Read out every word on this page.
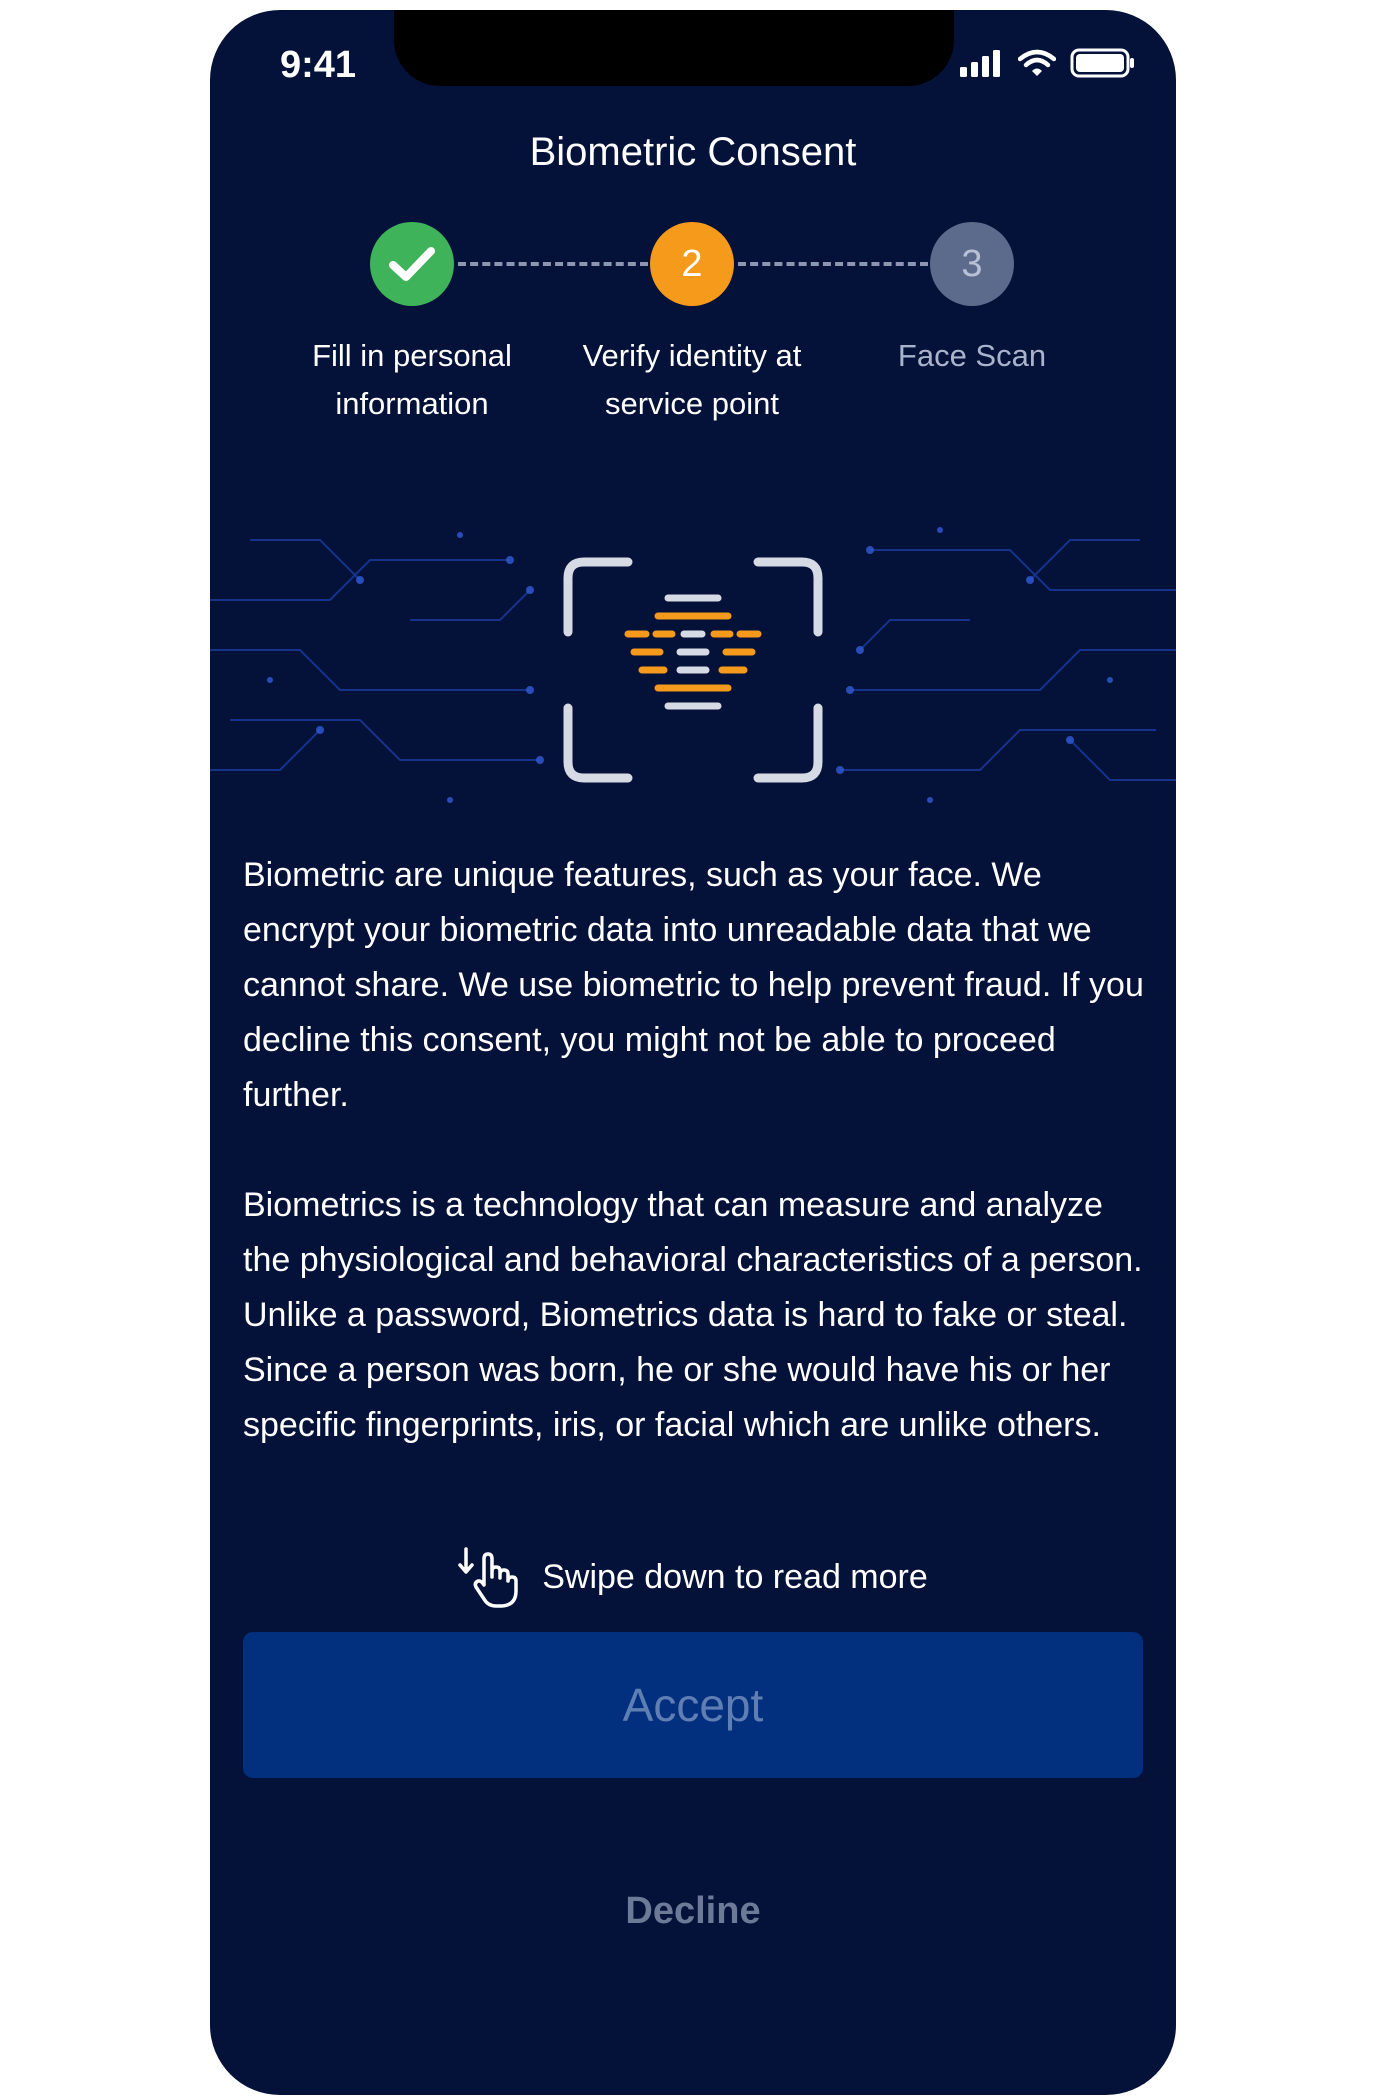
9:41
Biometric Consent
2	3
Fill in personal information
Verify identity at service point
Face Scan

Biometric are unique features, such as your face. We encrypt your biometric data into unreadable data that we cannot share. We use biometric to help prevent fraud. If you decline this consent, you might not be able to proceed further.

Biometrics is a technology that can measure and analyze the physiological and behavioral characteristics of a person. Unlike a password, Biometrics data is hard to fake or steal. Since a person was born, he or she would have his or her specific fingerprints, iris, or facial which are unlike others.

Swipe down to read more
Accept
Decline
